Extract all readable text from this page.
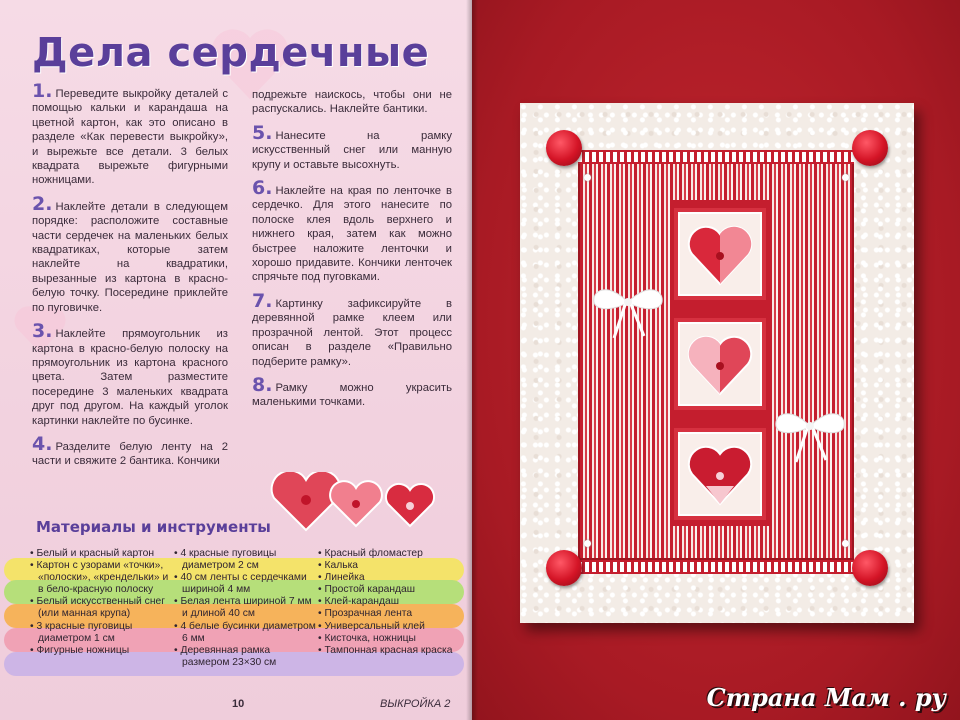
Дела сердечные

1. Переведите выкройку деталей с помощью кальки и карандаша на цветной картон, как это описано в разделе «Как перевести выкройку», и вырежьте все детали. 3 белых квадрата вырежьте фигурными ножницами.

2. Наклейте детали в следующем порядке: расположите составные части сердечек на маленьких белых квадратиках, которые затем наклейте на квадратики, вырезанные из картона в красно-белую точку. Посередине приклейте по пуговичке.

3. Наклейте прямоугольник из картона в красно-белую полоску на прямоугольник из картона красного цвета. Затем разместите посередине 3 маленьких квадрата друг под другом. На каждый уголок картинки наклейте по бусинке.

4. Разделите белую ленту на 2 части и свяжите 2 бантика. Кончики

подрежьте наискось, чтобы они не распускались. Наклейте бантики.

5. Нанесите на рамку искусственный снег или манную крупу и оставьте высохнуть.

6. Наклейте на края по ленточке в сердечко. Для этого нанесите по полоске клея вдоль верхнего и нижнего края, затем как можно быстрее наложите ленточки и хорошо придавите. Кончики ленточек спрячьте под пуговками.

7. Картинку зафиксируйте в деревянной рамке клеем или прозрачной лентой. Этот процесс описан в разделе «Правильно подберите рамку».

8. Рамку можно украсить маленькими точками.

Материалы и инструменты
• Белый и красный картон
• Картон с узорами «точки», «полоски», «крендельки» и в бело-красную полоску
• Белый искусственный снег (или манная крупа)
• 3 красные пуговицы диаметром 1 см
• Фигурные ножницы
• 4 красные пуговицы диаметром 2 см
• 40 см ленты с сердечками шириной 4 мм
• Белая лента шириной 7 мм и длиной 40 см
• 4 белые бусинки диаметром 6 мм
• Деревянная рамка размером 23×30 см
• Красный фломастер
• Калька
• Линейка
• Простой карандаш
• Клей-карандаш
• Прозрачная лента
• Универсальный клей
• Кисточка, ножницы
• Тампонная красная краска
10	ВЫКРОЙКА 2	Страна Мам . ру
